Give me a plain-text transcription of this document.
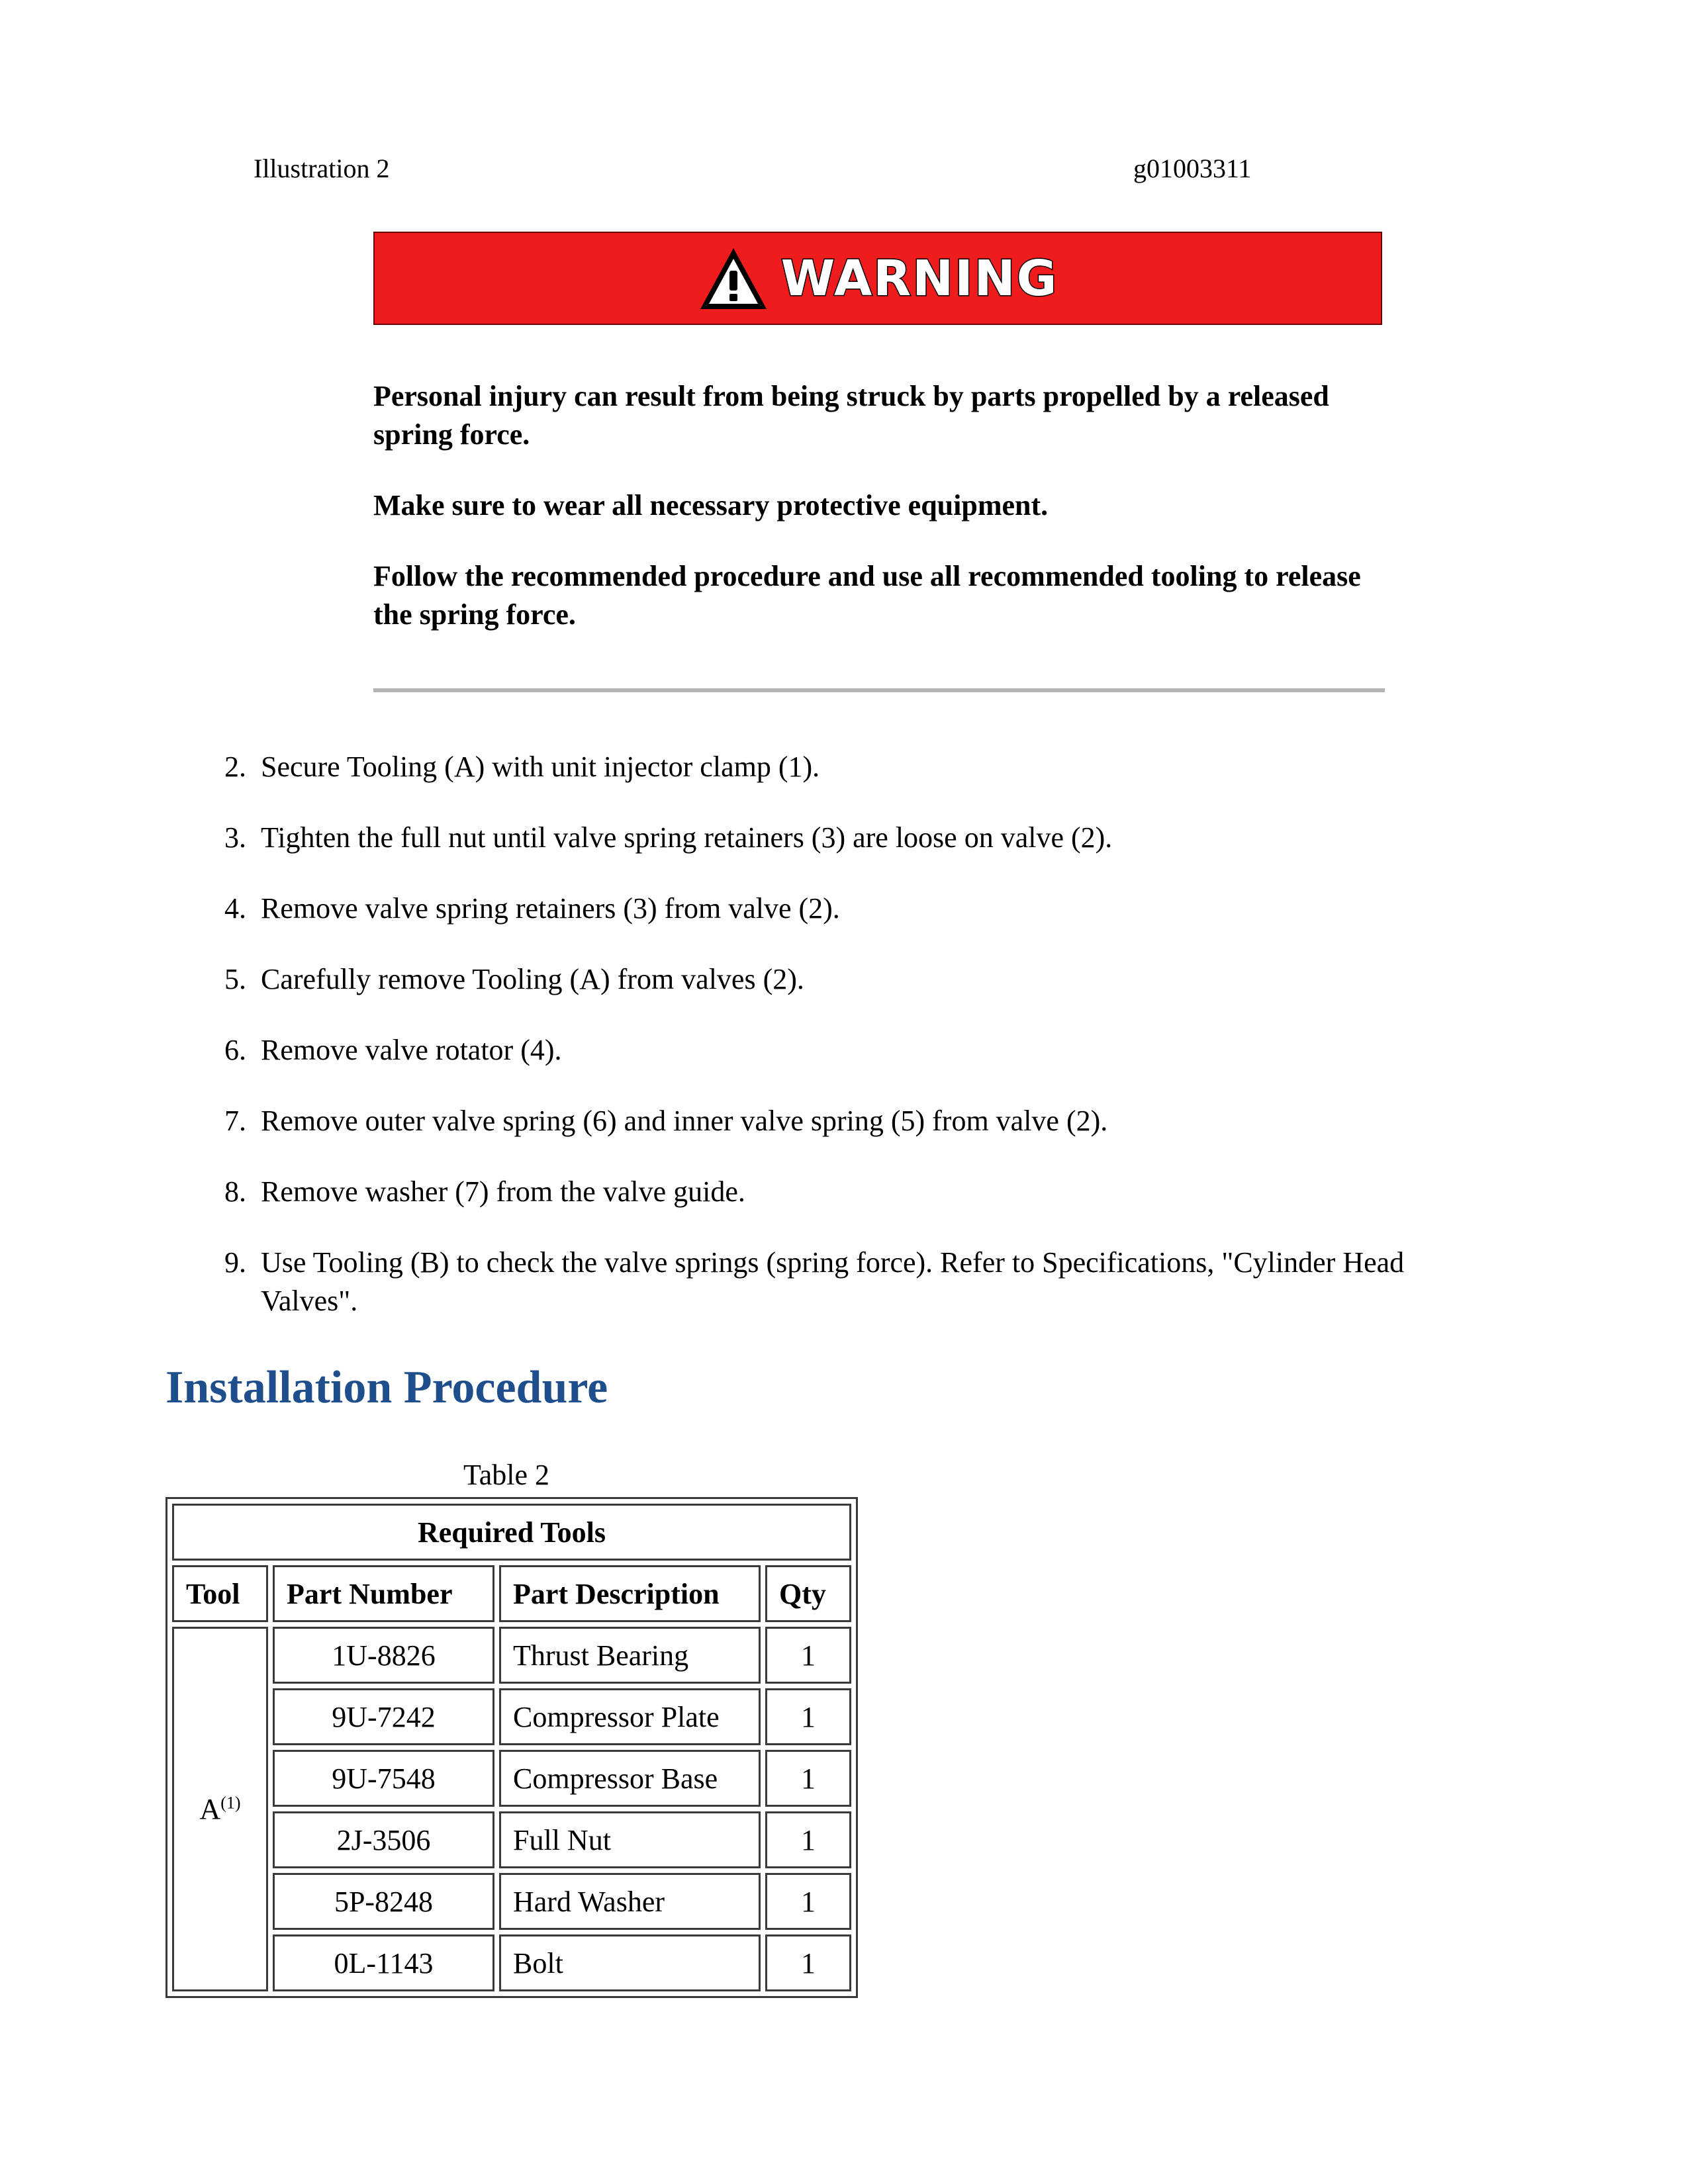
Illustration 2	g01003311
WARNING
Personal injury can result from being struck by parts propelled by a released spring force.
Make sure to wear all necessary protective equipment.
Follow the recommended procedure and use all recommended tooling to release the spring force.
2. Secure Tooling (A) with unit injector clamp (1).
3. Tighten the full nut until valve spring retainers (3) are loose on valve (2).
4. Remove valve spring retainers (3) from valve (2).
5. Carefully remove Tooling (A) from valves (2).
6. Remove valve rotator (4).
7. Remove outer valve spring (6) and inner valve spring (5) from valve (2).
8. Remove washer (7) from the valve guide.
9. Use Tooling (B) to check the valve springs (spring force). Refer to Specifications, "Cylinder Head Valves".
Installation Procedure
Table 2
Required Tools			
Tool	Part Number	Part Description	Qty
$A^{(1)}$	1U-8826	Thrust Bearing	1
	9U-7242	Compressor Plate	1
	9U-7548	Compressor Base	1
	2J-3506	Full Nut	1
	5P-8248	Hard Washer	1
	0L-1143	Bolt	1
